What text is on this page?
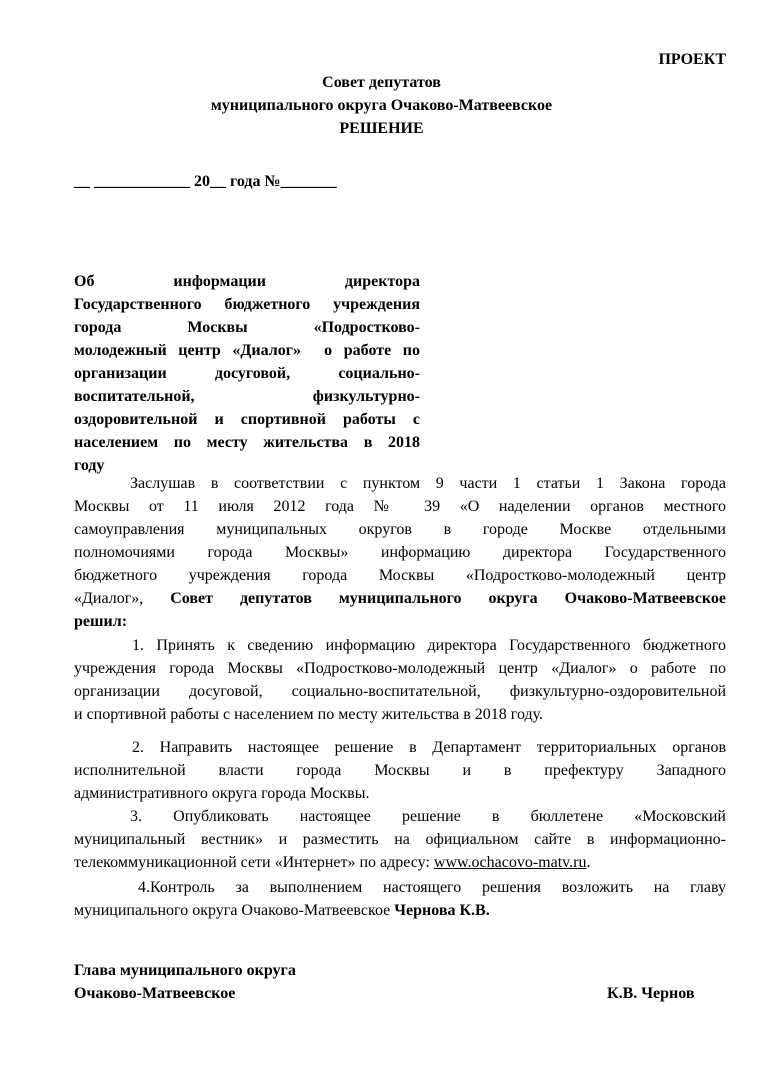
ПРОЕКТ
Совет депутатов
муниципального округа Очаково-Матвеевское
РЕШЕНИЕ
__ ____________ 20__ года №_______
Об	информации	директора
Государственного бюджетного учреждения
города	Москвы	«Подростково-
молодежный центр «Диалог»  о работе по
организации	досуговой,	социально-
воспитательной,	физкультурно-
оздоровительной и спортивной работы с
населением по месту жительства в 2018
году
Заслушав в соответствии с пунктом 9 части 1 статьи 1 Закона города
Москвы от 11 июля 2012 года № 39 «О наделении органов местного
самоуправления муниципальных округов в городе Москве отдельными
полномочиями города Москвы» информацию директора Государственного
бюджетного учреждения города Москвы «Подростково-молодежный центр
«Диалог», Совет депутатов муниципального округа Очаково-Матвеевское
решил:
1. Принять к сведению информацию директора Государственного бюджетного
учреждения города Москвы «Подростково-молодежный центр «Диалог» о работе по
организации досуговой, социально-воспитательной, физкультурно-оздоровительной
и спортивной работы с населением по месту жительства в 2018 году.
2. Направить настоящее решение в Департамент территориальных органов
исполнительной власти города Москвы и в префектуру Западного
административного округа города Москвы.
3. Опубликовать настоящее решение в бюллетене «Московский
муниципальный вестник» и разместить на официальном сайте в информационно-
телекоммуникационной сети «Интернет» по адресу: www.ochacovo-matv.ru.
4.Контроль за выполнением настоящего решения возложить на главу
муниципального округа Очаково-Матвеевское Чернова К.В.
Глава муниципального округа
Очаково-Матвеевское	К.В. Чернов
